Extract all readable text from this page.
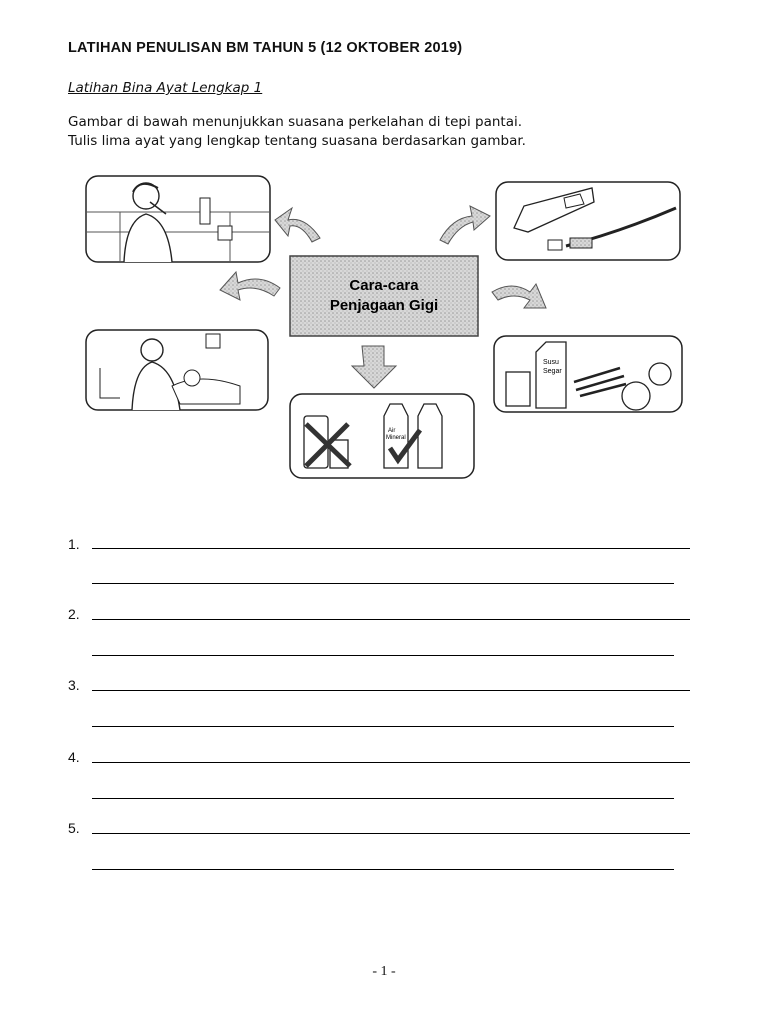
LATIHAN PENULISAN BM TAHUN 5 (12 OKTOBER 2019)
Latihan Bina Ayat Lengkap 1
Gambar di bawah menunjukkan suasana perkelahan di tepi pantai.
Tulis lima ayat yang lengkap tentang suasana berdasarkan gambar.
Cara-cara
Penjagaan Gigi
Susu
Segar
Air
Mineral
1.
2.
3.
4.
5.
- 1 -
